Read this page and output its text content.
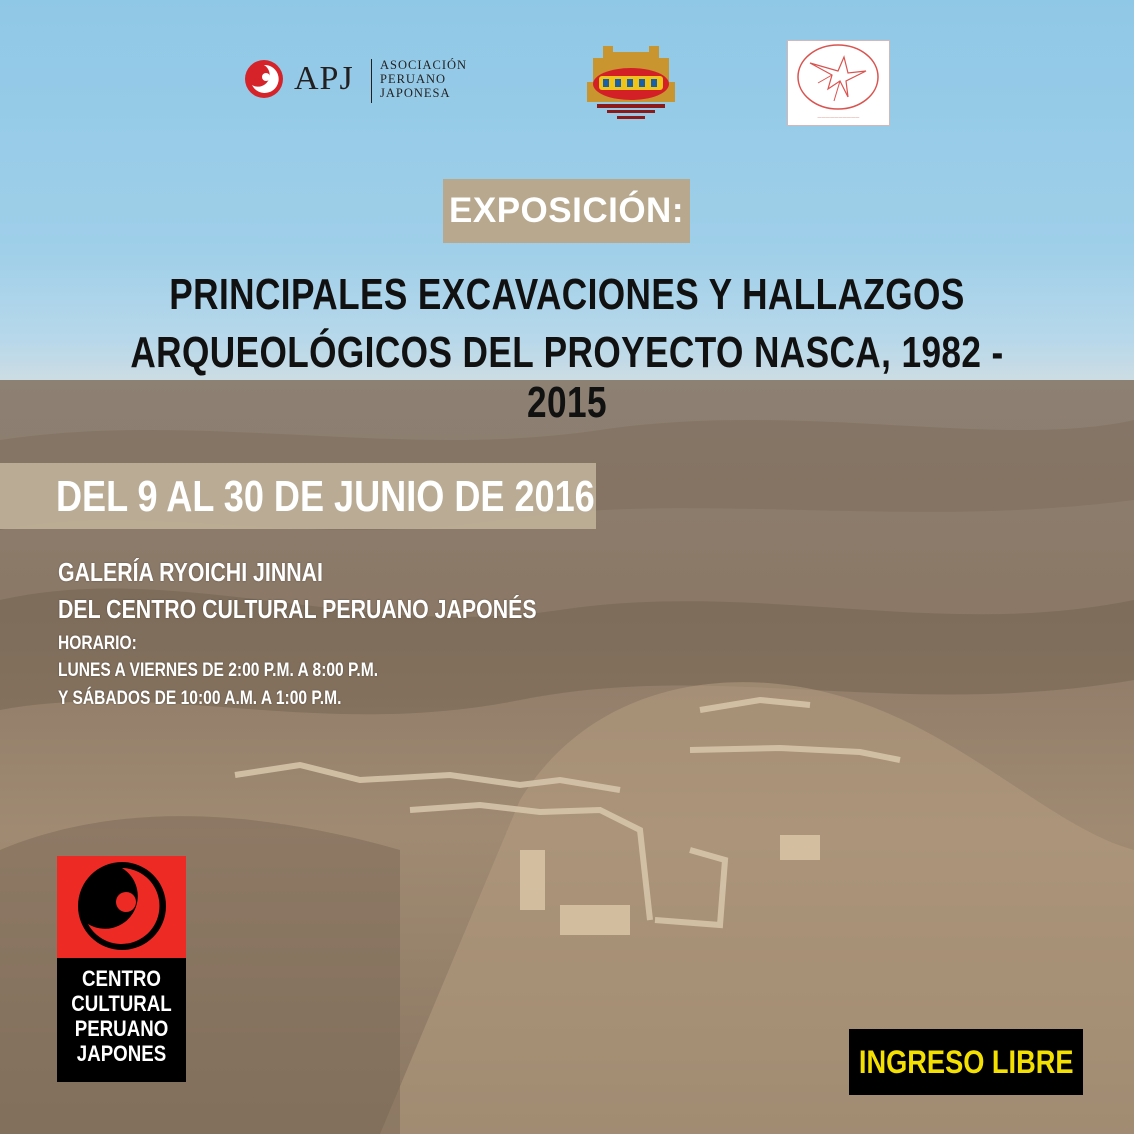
APJ ASOCIACIÓN
PERUANO
JAPONESA
——————————
EXPOSICIÓN:
PRINCIPALES EXCAVACIONES Y HALLAZGOS
ARQUEOLÓGICOS DEL PROYECTO NASCA, 1982 - 2015
DEL 9 AL 30 DE JUNIO DE 2016
GALERÍA RYOICHI JINNAI
DEL CENTRO CULTURAL PERUANO JAPONÉS
HORARIO:
LUNES A VIERNES DE 2:00 P.M. A 8:00 P.M.
Y SÁBADOS DE 10:00 A.M. A 1:00 P.M.
CENTRO
CULTURAL
PERUANO
JAPONES	INGRESO LIBRE
